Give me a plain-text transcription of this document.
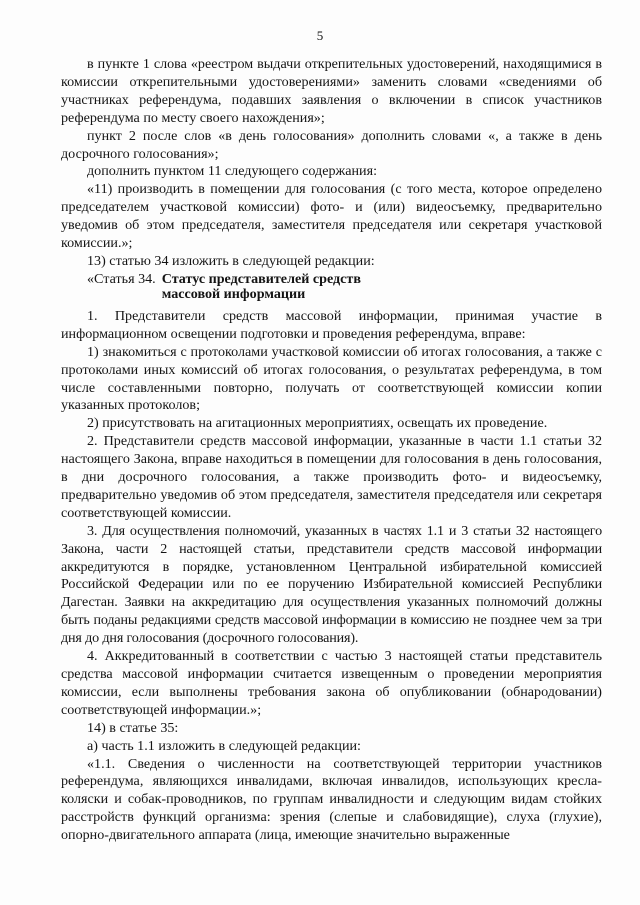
5

в пункте 1 слова «реестром выдачи открепительных удостоверений, находящимися в комиссии открепительными удостоверениями» заменить словами «сведениями об участниках референдума, подавших заявления о включении в список участников референдума по месту своего нахождения»;

пункт 2 после слов «в день голосования» дополнить словами «, а также в день досрочного голосования»;

дополнить пунктом 11 следующего содержания:

«11) производить в помещении для голосования (с того места, которое определено председателем участковой комиссии) фото- и (или) видеосъемку, предварительно уведомив об этом председателя, заместителя председателя или секретаря участковой комиссии.»;

13) статью 34 изложить в следующей редакции:

«Статья 34. Статус представителей средств
массовой информации

1. Представители средств массовой информации, принимая участие в информационном освещении подготовки и проведения референдума, вправе:

1) знакомиться с протоколами участковой комиссии об итогах голосования, а также с протоколами иных комиссий об итогах голосования, о результатах референдума, в том числе составленными повторно, получать от соответствующей комиссии копии указанных протоколов;

2) присутствовать на агитационных мероприятиях, освещать их проведение.

2. Представители средств массовой информации, указанные в части 1.1 статьи 32 настоящего Закона, вправе находиться в помещении для голосования в день голосования, в дни досрочного голосования, а также производить фото- и видеосъемку, предварительно уведомив об этом председателя, заместителя председателя или секретаря соответствующей комиссии.

3. Для осуществления полномочий, указанных в частях 1.1 и 3 статьи 32 настоящего Закона, части 2 настоящей статьи, представители средств массовой информации аккредитуются в порядке, установленном Центральной избирательной комиссией Российской Федерации или по ее поручению Избирательной комиссией Республики Дагестан. Заявки на аккредитацию для осуществления указанных полномочий должны быть поданы редакциями средств массовой информации в комиссию не позднее чем за три дня до дня голосования (досрочного голосования).

4. Аккредитованный в соответствии с частью 3 настоящей статьи представитель средства массовой информации считается извещенным о проведении мероприятия комиссии, если выполнены требования закона об опубликовании (обнародовании) соответствующей информации.»;

14) в статье 35:

а) часть 1.1 изложить в следующей редакции:

«1.1. Сведения о численности на соответствующей территории участников референдума, являющихся инвалидами, включая инвалидов, использующих кресла-коляски и собак-проводников, по группам инвалидности и следующим видам стойких расстройств функций организма: зрения (слепые и слабовидящие), слуха (глухие), опорно-двигательного аппарата (лица, имеющие значительно выраженные
